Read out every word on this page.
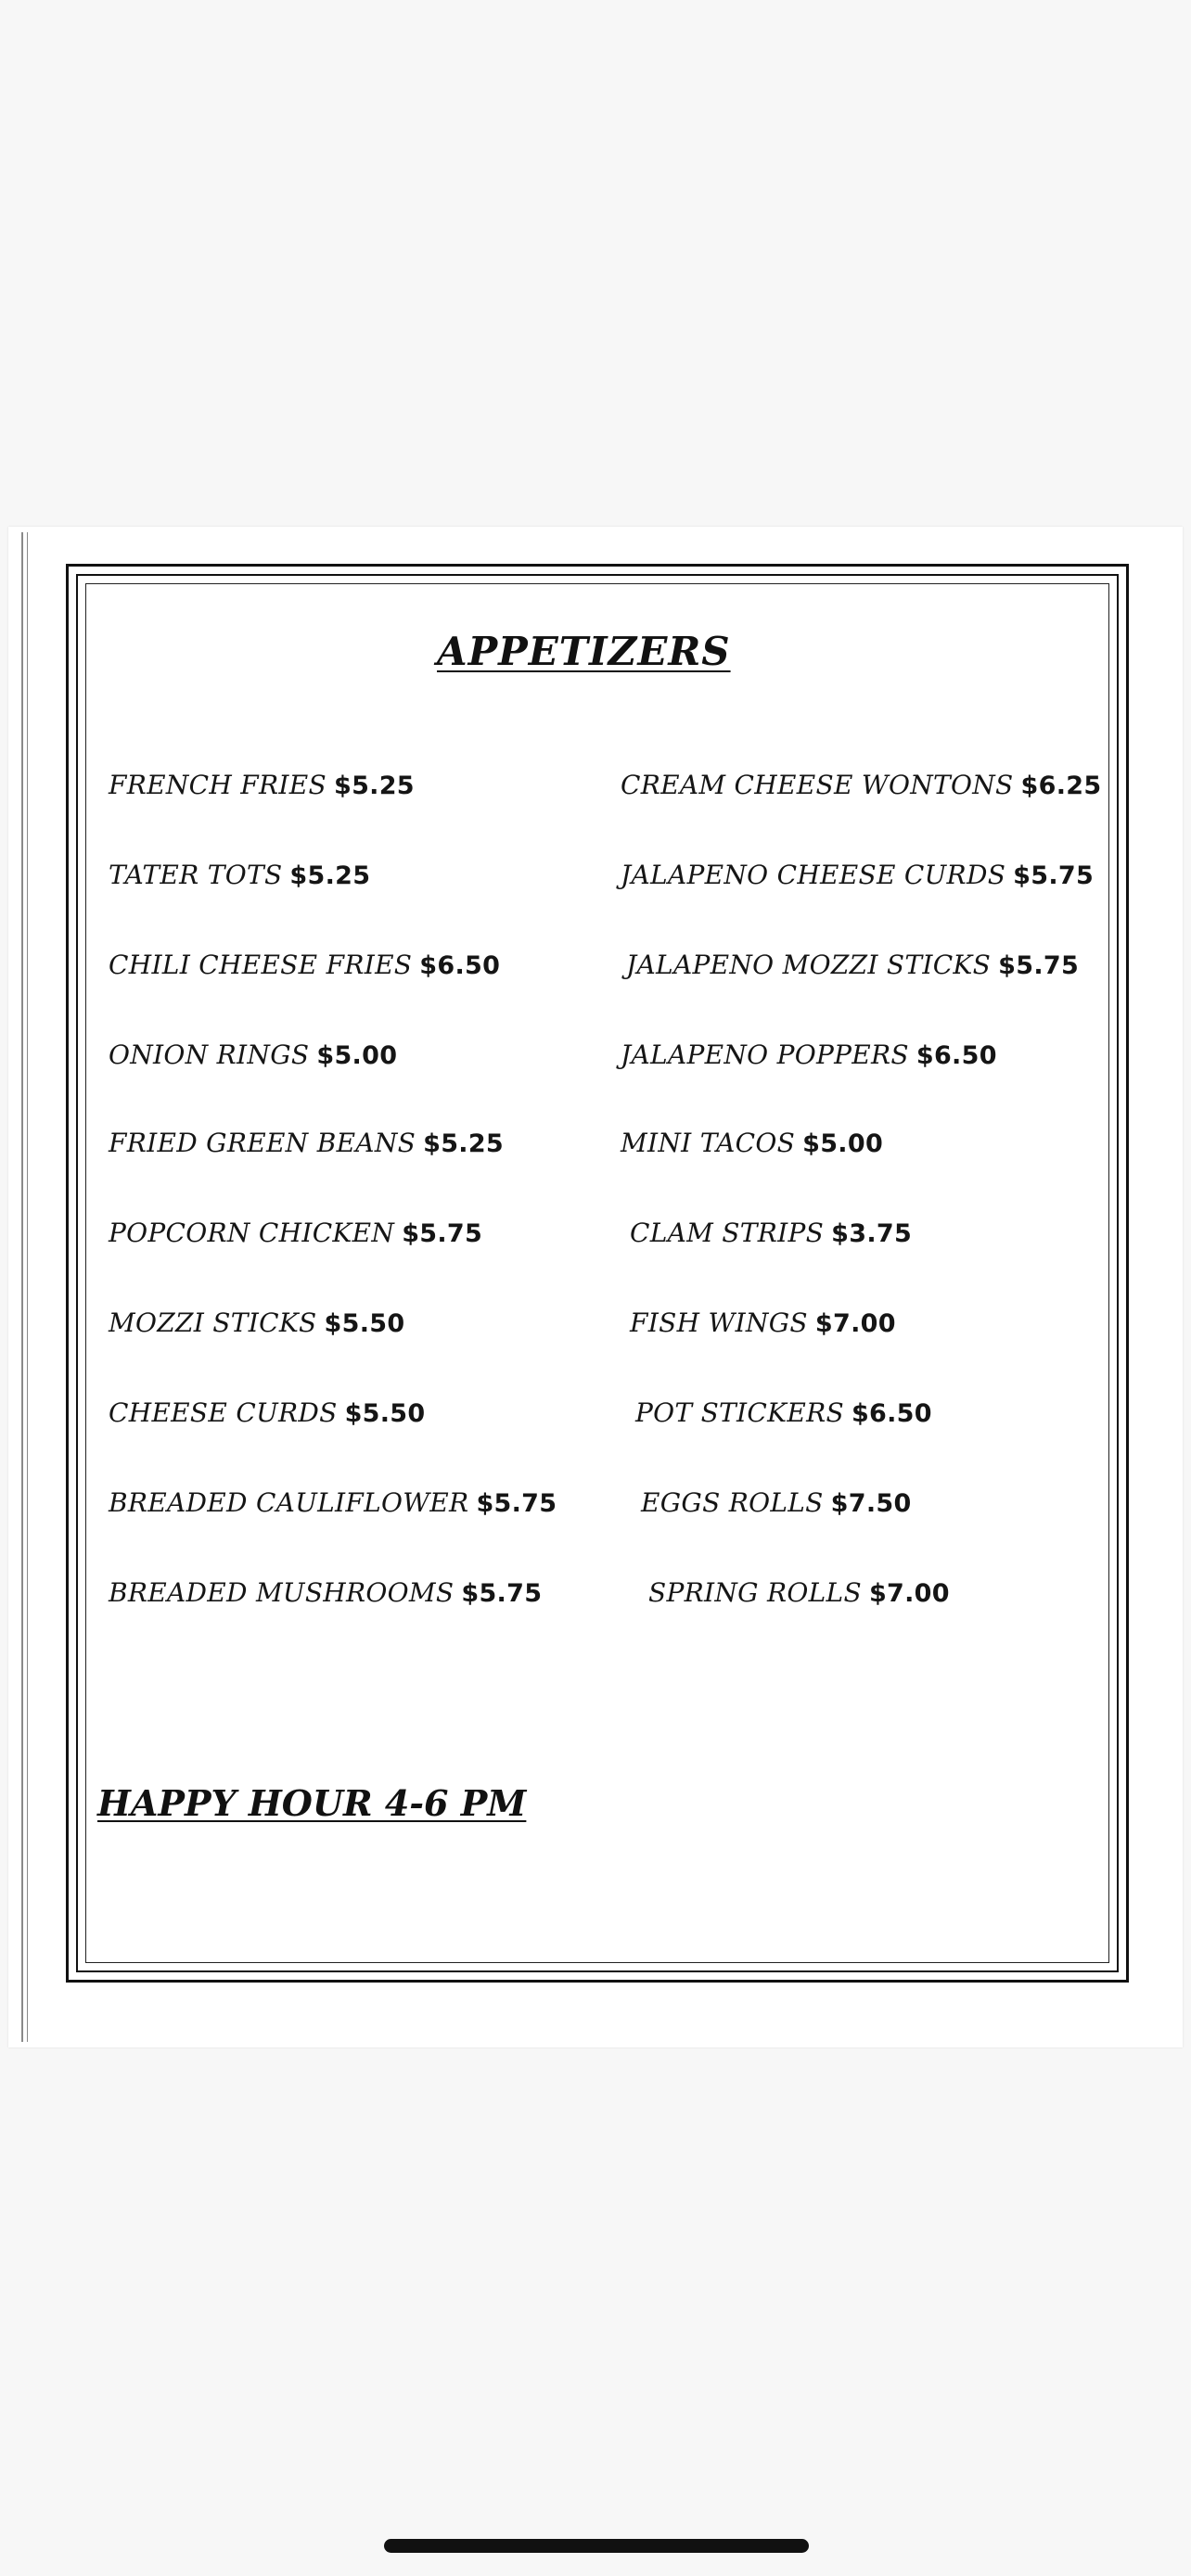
APPETIZERS
FRENCH FRIES $5.25
TATER TOTS $5.25
CHILI CHEESE FRIES $6.50
ONION RINGS $5.00
FRIED GREEN BEANS $5.25
POPCORN CHICKEN $5.75
MOZZI STICKS $5.50
CHEESE CURDS $5.50
BREADED CAULIFLOWER $5.75
BREADED MUSHROOMS $5.75
CREAM CHEESE WONTONS $6.25
JALAPENO CHEESE CURDS $5.75
JALAPENO MOZZI STICKS $5.75
JALAPENO POPPERS $6.50
MINI TACOS $5.00
CLAM STRIPS $3.75
FISH WINGS $7.00
POT STICKERS $6.50
EGGS ROLLS $7.50
SPRING ROLLS $7.00

HAPPY HOUR 4-6 PM
